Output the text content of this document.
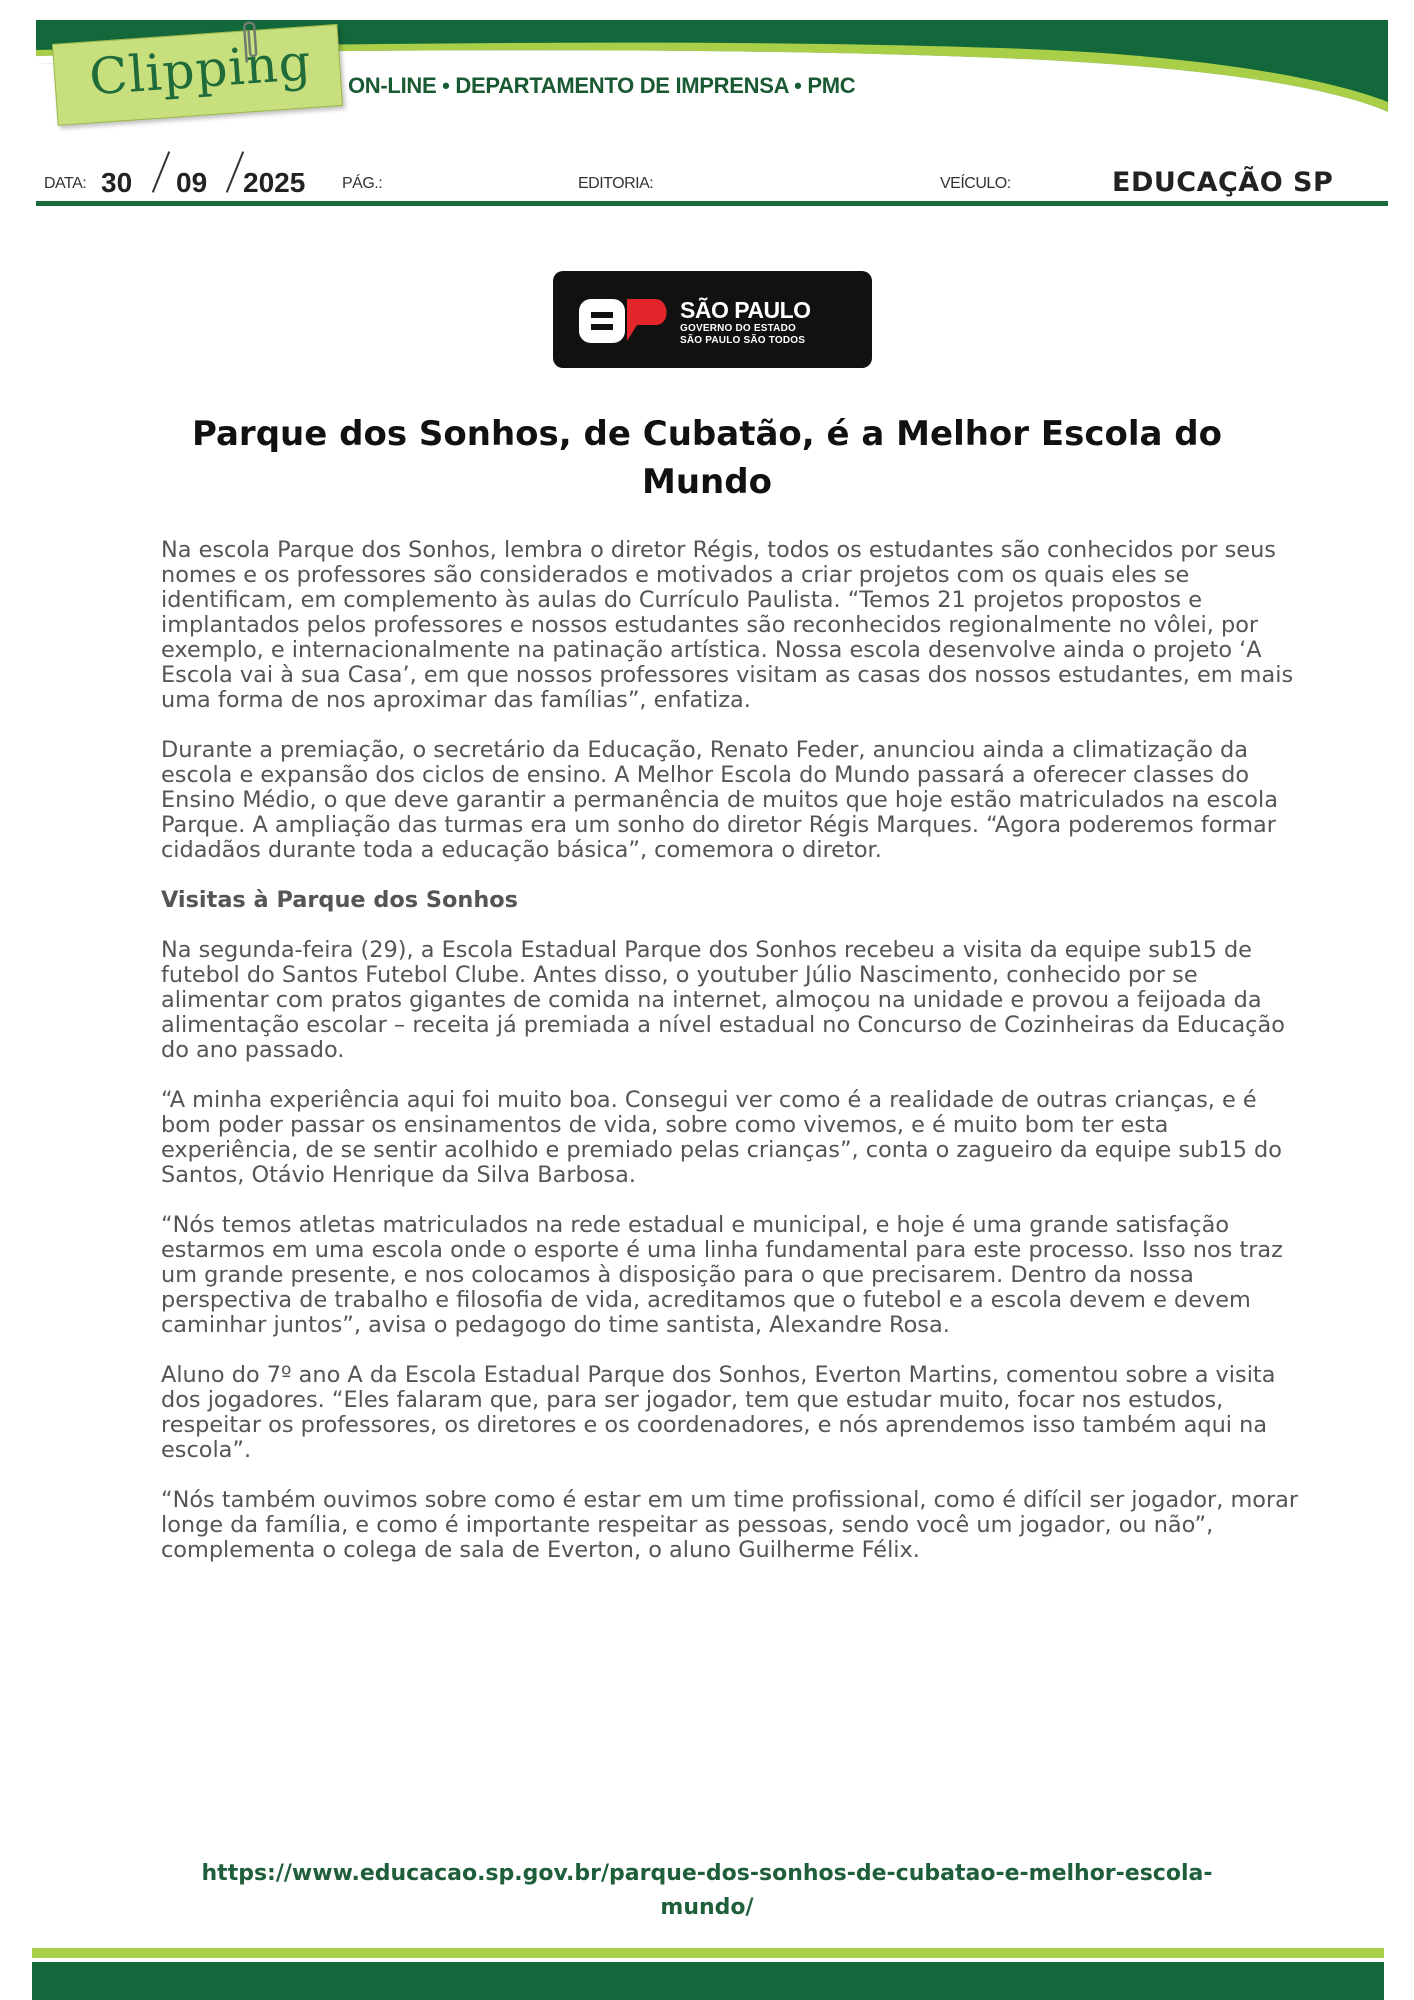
Clipping ON-LINE • DEPARTAMENTO DE IMPRENSA • PMC
DATA: 30 09 2025 PÁG.:	EDITORIA:	VEÍCULO:	EDUCAÇÃO SP
SÃO PAULO
GOVERNO DO ESTADO
SÃO PAULO SÃO TODOS
Parque dos Sonhos, de Cubatão, é a Melhor Escola do Mundo

Na escola Parque dos Sonhos, lembra o diretor Régis, todos os estudantes são conhecidos por seus nomes e os professores são considerados e motivados a criar projetos com os quais eles se identificam, em complemento às aulas do Currículo Paulista. “Temos 21 projetos propostos e implantados pelos professores e nossos estudantes são reconhecidos regionalmente no vôlei, por exemplo, e internacionalmente na patinação artística. Nossa escola desenvolve ainda o projeto ‘A Escola vai à sua Casa’, em que nossos professores visitam as casas dos nossos estudantes, em mais uma forma de nos aproximar das famílias”, enfatiza.

Durante a premiação, o secretário da Educação, Renato Feder, anunciou ainda a climatização da escola e expansão dos ciclos de ensino. A Melhor Escola do Mundo passará a oferecer classes do Ensino Médio, o que deve garantir a permanência de muitos que hoje estão matriculados na escola Parque. A ampliação das turmas era um sonho do diretor Régis Marques. “Agora poderemos formar cidadãos durante toda a educação básica”, comemora o diretor.

Visitas à Parque dos Sonhos

Na segunda-feira (29), a Escola Estadual Parque dos Sonhos recebeu a visita da equipe sub15 de futebol do Santos Futebol Clube. Antes disso, o youtuber Júlio Nascimento, conhecido por se alimentar com pratos gigantes de comida na internet, almoçou na unidade e provou a feijoada da alimentação escolar – receita já premiada a nível estadual no Concurso de Cozinheiras da Educação do ano passado.

“A minha experiência aqui foi muito boa. Consegui ver como é a realidade de outras crianças, e é bom poder passar os ensinamentos de vida, sobre como vivemos, e é muito bom ter esta experiência, de se sentir acolhido e premiado pelas crianças”, conta o zagueiro da equipe sub15 do Santos, Otávio Henrique da Silva Barbosa.

“Nós temos atletas matriculados na rede estadual e municipal, e hoje é uma grande satisfação estarmos em uma escola onde o esporte é uma linha fundamental para este processo. Isso nos traz um grande presente, e nos colocamos à disposição para o que precisarem. Dentro da nossa perspectiva de trabalho e filosofia de vida, acreditamos que o futebol e a escola devem e devem caminhar juntos”, avisa o pedagogo do time santista, Alexandre Rosa.

Aluno do 7º ano A da Escola Estadual Parque dos Sonhos, Everton Martins, comentou sobre a visita dos jogadores. “Eles falaram que, para ser jogador, tem que estudar muito, focar nos estudos, respeitar os professores, os diretores e os coordenadores, e nós aprendemos isso também aqui na escola”.

“Nós também ouvimos sobre como é estar em um time profissional, como é difícil ser jogador, morar longe da família, e como é importante respeitar as pessoas, sendo você um jogador, ou não”, complementa o colega de sala de Everton, o aluno Guilherme Félix.

https://www.educacao.sp.gov.br/parque-dos-sonhos-de-cubatao-e-melhor-escola-mundo/
